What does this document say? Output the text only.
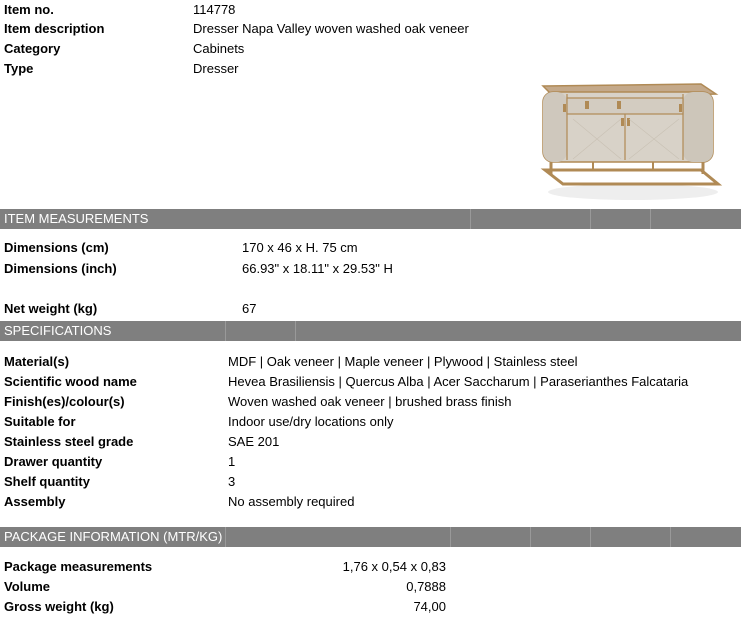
Item no.	114778
Item description	Dresser Napa Valley woven washed oak veneer
Category	Cabinets
Type	Dresser
ITEM MEASUREMENTS
Dimensions (cm)	170 x 46 x H. 75 cm
Dimensions (inch)	66.93" x 18.11" x 29.53" H
Net weight (kg)	67
SPECIFICATIONS
Material(s)	MDF | Oak veneer | Maple veneer | Plywood | Stainless steel
Scientific wood name	Hevea Brasiliensis | Quercus Alba | Acer Saccharum | Paraserianthes Falcataria
Finish(es)/colour(s)	Woven washed oak veneer | brushed brass finish
Suitable for	Indoor use/dry locations only
Stainless steel grade	SAE 201
Drawer quantity	1
Shelf quantity	3
Assembly	No assembly required
PACKAGE INFORMATION (MTR/KG)
Package measurements	1,76 x 0,54 x 0,83
Volume	0,7888
Gross weight (kg)	74,00
